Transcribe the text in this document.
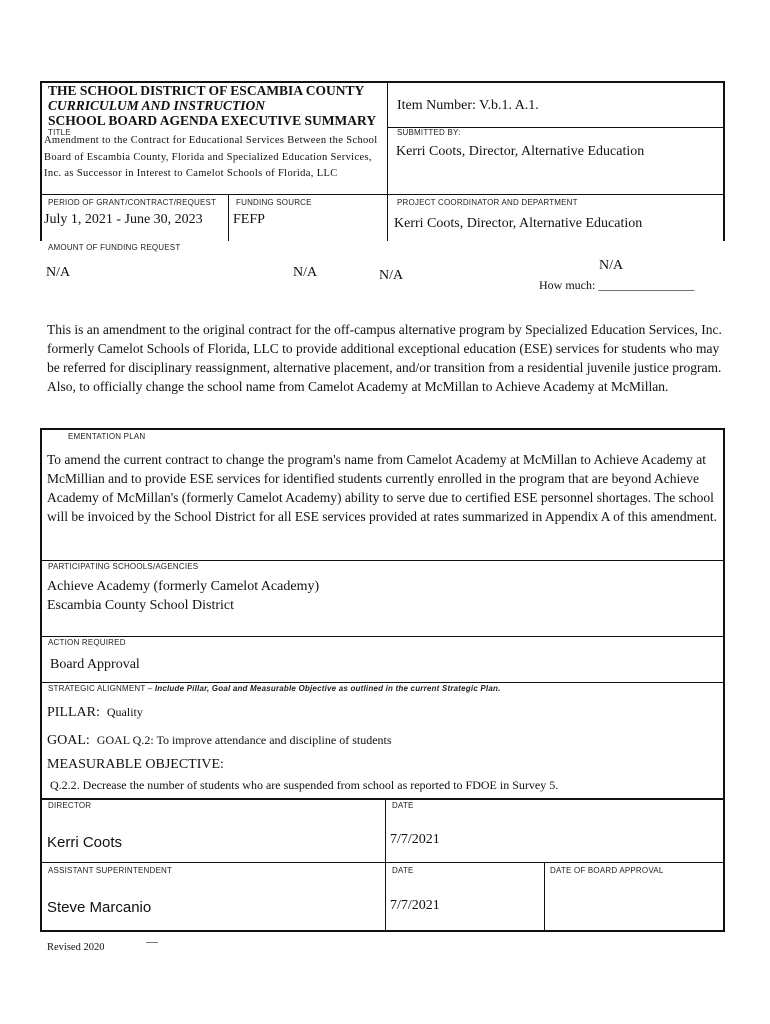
THE SCHOOL DISTRICT OF ESCAMBIA COUNTY
CURRICULUM AND INSTRUCTION
SCHOOL BOARD AGENDA EXECUTIVE SUMMARY
Item Number: V.b.1. A.1.
TITLE
Amendment to the Contract for Educational Services Between the School Board of Escambia County, Florida and Specialized Education Services, Inc. as Successor in Interest to Camelot Schools of Florida, LLC
SUBMITTED BY:
Kerri Coots, Director, Alternative Education
PERIOD OF GRANT/CONTRACT/REQUEST
July 1, 2021 - June 30, 2023
FUNDING SOURCE
FEFP
PROJECT COORDINATOR AND DEPARTMENT
Kerri Coots, Director, Alternative Education
AMOUNT OF FUNDING REQUEST
N/A	N/A	N/A
N/A
How much: ________________
This is an amendment to the original contract for the off-campus alternative program by Specialized Education Services, Inc. formerly Camelot Schools of Florida, LLC to provide additional exceptional education (ESE) services for students who may be referred for disciplinary reassignment, alternative placement, and/or transition from a residential juvenile justice program. Also, to officially change the school name from Camelot Academy at McMillan to Achieve Academy at McMillan.
EMENTATION PLAN
To amend the current contract to change the program's name from Camelot Academy at McMillan to Achieve Academy at McMillian and to provide ESE services for identified students currently enrolled in the program that are beyond Achieve Academy of McMillan's (formerly Camelot Academy) ability to serve due to certified ESE personnel shortages. The school will be invoiced by the School District for all ESE services provided at rates summarized in Appendix A of this amendment.
PARTICIPATING SCHOOLS/AGENCIES
Achieve Academy (formerly Camelot Academy)
Escambia County School District
ACTION REQUIRED
Board Approval
STRATEGIC ALIGNMENT – Include Pillar, Goal and Measurable Objective as outlined in the current Strategic Plan.
PILLAR: Quality
GOAL: GOAL Q.2: To improve attendance and discipline of students
MEASURABLE OBJECTIVE:
Q.2.2. Decrease the number of students who are suspended from school as reported to FDOE in Survey 5.
DIRECTOR
Kerri Coots
DATE
7/7/2021
ASSISTANT SUPERINTENDENT
Steve Marcanio
DATE
7/7/2021
DATE OF BOARD APPROVAL
Revised 2020	—
